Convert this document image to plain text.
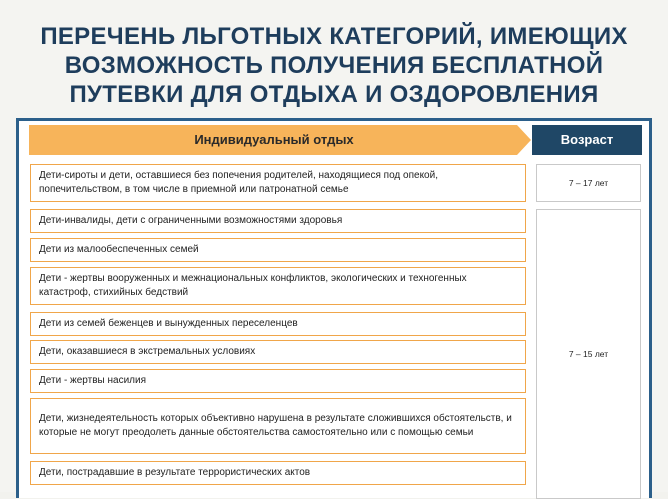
ПЕРЕЧЕНЬ ЛЬГОТНЫХ КАТЕГОРИЙ, ИМЕЮЩИХ
ВОЗМОЖНОСТЬ ПОЛУЧЕНИЯ БЕСПЛАТНОЙ
ПУТЕВКИ ДЛЯ ОТДЫХА И ОЗДОРОВЛЕНИЯ
Индивидуальный отдых	Возраст
Дети-сироты и дети, оставшиеся без попечения родителей, находящиеся под опекой, попечительством, в том числе в приемной или патронатной семье
Дети-инвалиды, дети с ограниченными возможностями здоровья
Дети из малообеспеченных семей
Дети - жертвы вооруженных и межнациональных конфликтов, экологических и техногенных катастроф, стихийных бедствий
Дети из семей беженцев и вынужденных переселенцев
Дети, оказавшиеся в экстремальных условиях
Дети - жертвы насилия
Дети, жизнедеятельность которых объективно нарушена в результате сложившихся обстоятельств, и которые не могут преодолеть данные обстоятельства самостоятельно или с помощью семьи
Дети, пострадавшие в результате террористических актов
7 – 17 лет
7 – 15 лет
